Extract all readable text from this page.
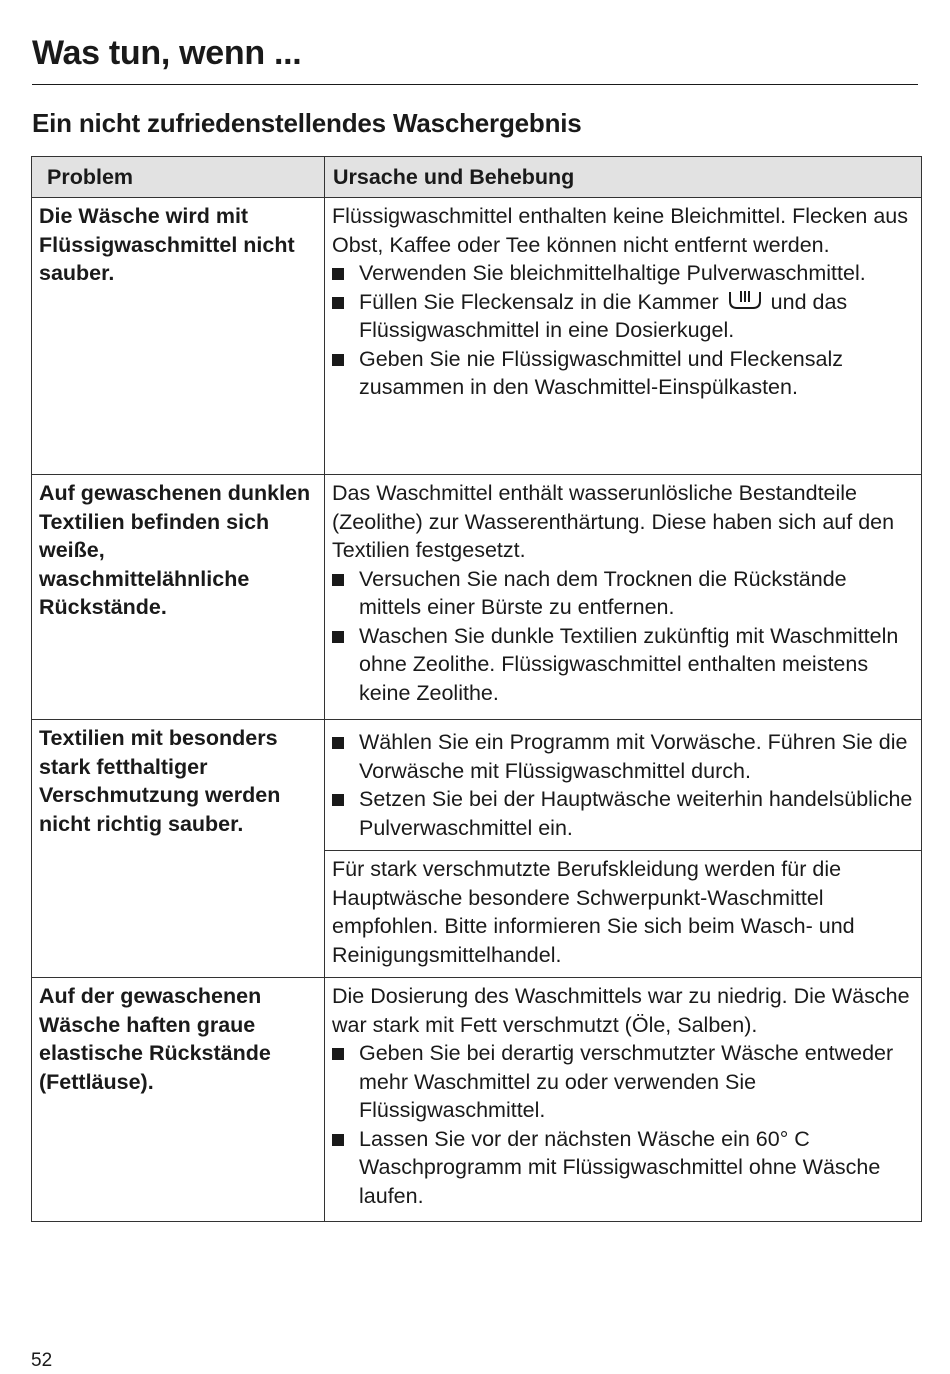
Was tun, wenn ...
Ein nicht zufriedenstellendes Waschergebnis
Problem	Ursache und Behebung
Die Wäsche wird mit Flüssigwaschmittel nicht sauber.	Flüssigwaschmittel enthalten keine Bleichmittel. Flecken aus Obst, Kaffee oder Tee können nicht entfernt werden.
Verwenden Sie bleichmittelhaltige Pulverwaschmittel.
Füllen Sie Fleckensalz in die Kammer und das Flüssigwaschmittel in eine Dosierkugel.
Geben Sie nie Flüssigwaschmittel und Fleckensalz zusammen in den Waschmittel-Einspülkasten.

Auf gewaschenen dunklen Textilien befinden sich weiße, waschmittelähnliche Rückstände.	Das Waschmittel enthält wasserunlösliche Bestandteile (Zeolithe) zur Wasserenthärtung. Diese haben sich auf den Textilien festgesetzt.
Versuchen Sie nach dem Trocknen die Rückstände mittels einer Bürste zu entfernen.
Waschen Sie dunkle Textilien zukünftig mit Waschmitteln ohne Zeolithe. Flüssigwaschmittel enthalten meistens keine Zeolithe.

Textilien mit besonders stark fetthaltiger Verschmutzung werden nicht richtig sauber.	Wählen Sie ein Programm mit Vorwäsche. Führen Sie die Vorwäsche mit Flüssigwaschmittel durch.
Setzen Sie bei der Hauptwäsche weiterhin handelsübliche Pulverwaschmittel ein.

	Für stark verschmutzte Berufskleidung werden für die Hauptwäsche besondere Schwerpunkt-Waschmittel empfohlen. Bitte informieren Sie sich beim Wasch- und Reinigungsmittelhandel.
Auf der gewaschenen Wäsche haften graue elastische Rückstände (Fettläuse).	Die Dosierung des Waschmittels war zu niedrig. Die Wäsche war stark mit Fett verschmutzt (Öle, Salben).
Geben Sie bei derartig verschmutzter Wäsche entweder mehr Waschmittel zu oder verwenden Sie Flüssigwaschmittel.
Lassen Sie vor der nächsten Wäsche ein 60° C Waschprogramm mit Flüssigwaschmittel ohne Wäsche laufen.
52
